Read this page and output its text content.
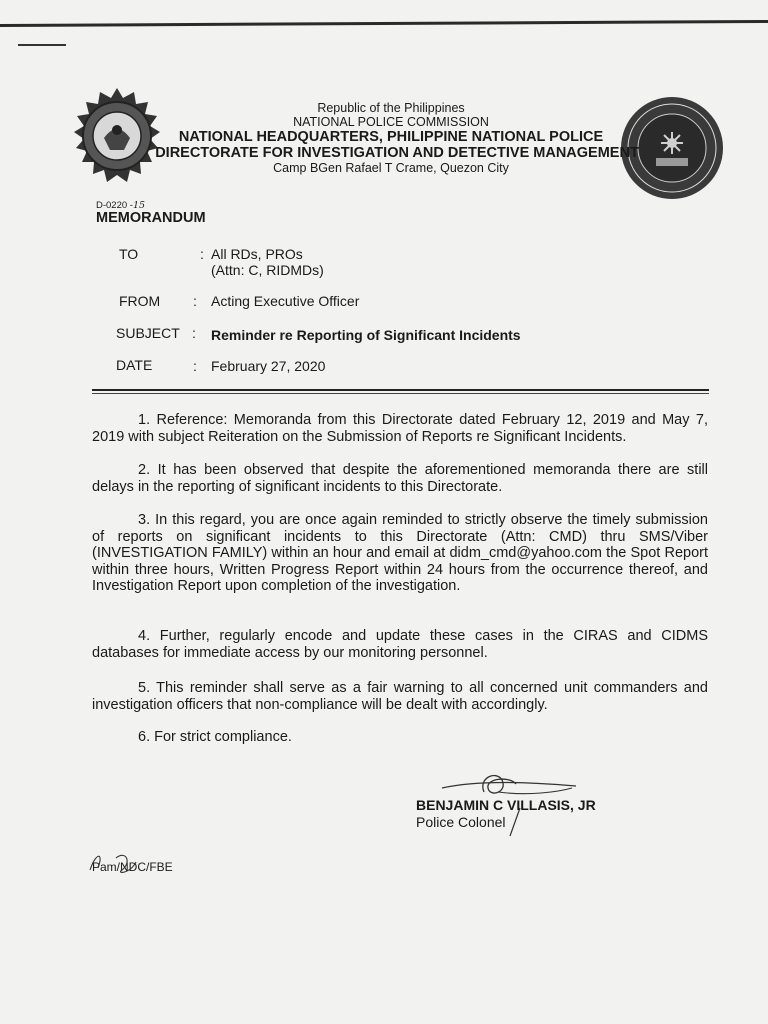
Republic of the Philippines
NATIONAL POLICE COMMISSION
NATIONAL HEADQUARTERS, PHILIPPINE NATIONAL POLICE
DIRECTORATE FOR INVESTIGATION AND DETECTIVE MANAGEMENT
Camp BGen Rafael T Crame, Quezon City
D-0220 -15
MEMORANDUM
TO	: All RDs, PROs
(Attn: C, RIDMDs)
FROM : Acting Executive Officer
SUBJECT : Reminder re Reporting of Significant Incidents
DATE	: February 27, 2020
1. Reference: Memoranda from this Directorate dated February 12, 2019 and May 7, 2019 with subject Reiteration on the Submission of Reports re Significant Incidents.
2. It has been observed that despite the aforementioned memoranda there are still delays in the reporting of significant incidents to this Directorate.
3. In this regard, you are once again reminded to strictly observe the timely submission of reports on significant incidents to this Directorate (Attn: CMD) thru SMS/Viber (INVESTIGATION FAMILY) within an hour and email at didm_cmd@yahoo.com the Spot Report within three hours, Written Progress Report within 24 hours from the occurrence thereof, and Investigation Report upon completion of the investigation.
4. Further, regularly encode and update these cases in the CIRAS and CIDMS databases for immediate access by our monitoring personnel.
5. This reminder shall serve as a fair warning to all concerned unit commanders and investigation officers that non-compliance will be dealt with accordingly.
6. For strict compliance.
BENJAMIN C VILLASIS, JR
Police Colonel
Pam/NDC/FBE
